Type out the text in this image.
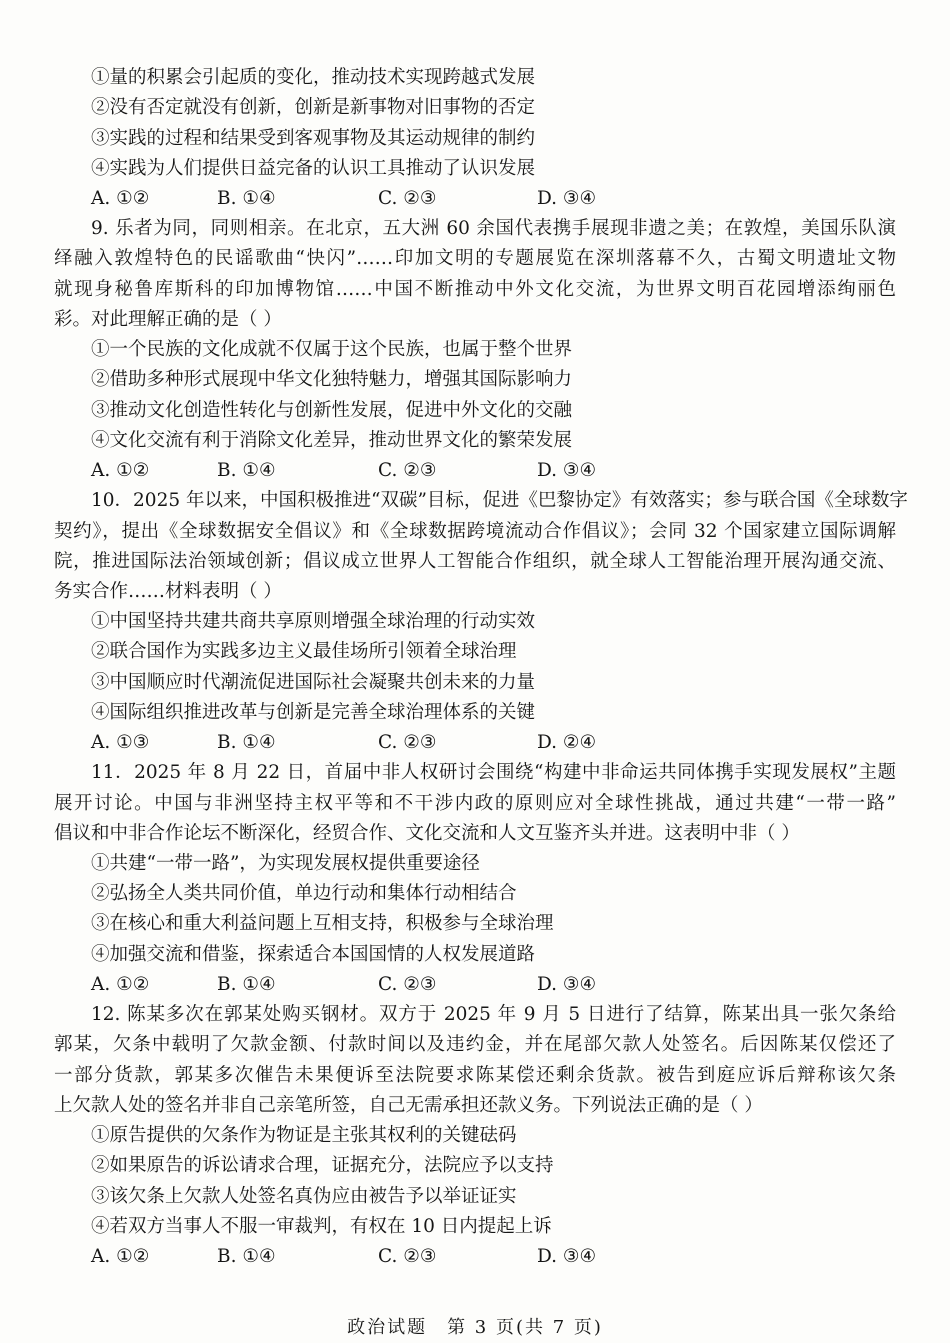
①量的积累会引起质的变化，推动技术实现跨越式发展
②没有否定就没有创新，创新是新事物对旧事物的否定
③实践的过程和结果受到客观事物及其运动规律的制约
④实践为人们提供日益完备的认识工具推动了认识发展
A. ①②	B. ①④	C. ②③	D. ③④
9. 乐者为同，同则相亲。在北京，五大洲 60 余国代表携手展现非遗之美；在敦煌，美国乐队演
绎融入敦煌特色的民谣歌曲“快闪”……印加文明的专题展览在深圳落幕不久，古蜀文明遗址文物
就现身秘鲁库斯科的印加博物馆……中国不断推动中外文化交流，为世界文明百花园增添绚丽色
彩。对此理解正确的是（ ）
①一个民族的文化成就不仅属于这个民族，也属于整个世界
②借助多种形式展现中华文化独特魅力，增强其国际影响力
③推动文化创造性转化与创新性发展，促进中外文化的交融
④文化交流有利于消除文化差异，推动世界文化的繁荣发展
A. ①②	B. ①④	C. ②③	D. ③④
10．2025 年以来，中国积极推进“双碳”目标，促进《巴黎协定》有效落实；参与联合国《全球数字
契约》，提出《全球数据安全倡议》和《全球数据跨境流动合作倡议》；会同 32 个国家建立国际调解
院，推进国际法治领域创新；倡议成立世界人工智能合作组织，就全球人工智能治理开展沟通交流、
务实合作……材料表明（ ）
①中国坚持共建共商共享原则增强全球治理的行动实效
②联合国作为实践多边主义最佳场所引领着全球治理
③中国顺应时代潮流促进国际社会凝聚共创未来的力量
④国际组织推进改革与创新是完善全球治理体系的关键
A. ①③	B. ①④	C. ②③	D. ②④
11．2025 年 8 月 22 日，首届中非人权研讨会围绕“构建中非命运共同体携手实现发展权”主题
展开讨论。中国与非洲坚持主权平等和不干涉内政的原则应对全球性挑战，通过共建“一带一路”
倡议和中非合作论坛不断深化，经贸合作、文化交流和人文互鉴齐头并进。这表明中非（ ）
①共建“一带一路”，为实现发展权提供重要途径
②弘扬全人类共同价值，单边行动和集体行动相结合
③在核心和重大利益问题上互相支持，积极参与全球治理
④加强交流和借鉴，探索适合本国国情的人权发展道路
A. ①②	B. ①④	C. ②③	D. ③④
12. 陈某多次在郭某处购买钢材。双方于 2025 年 9 月 5 日进行了结算，陈某出具一张欠条给
郭某，欠条中载明了欠款金额、付款时间以及违约金，并在尾部欠款人处签名。后因陈某仅偿还了
一部分货款，郭某多次催告未果便诉至法院要求陈某偿还剩余货款。被告到庭应诉后辩称该欠条
上欠款人处的签名并非自己亲笔所签，自己无需承担还款义务。下列说法正确的是（ ）
①原告提供的欠条作为物证是主张其权利的关键砝码
②如果原告的诉讼请求合理，证据充分，法院应予以支持
③该欠条上欠款人处签名真伪应由被告予以举证证实
④若双方当事人不服一审裁判，有权在 10 日内提起上诉
A. ①②	B. ①④	C. ②③	D. ③④
政治试题　第 3 页(共 7 页)
